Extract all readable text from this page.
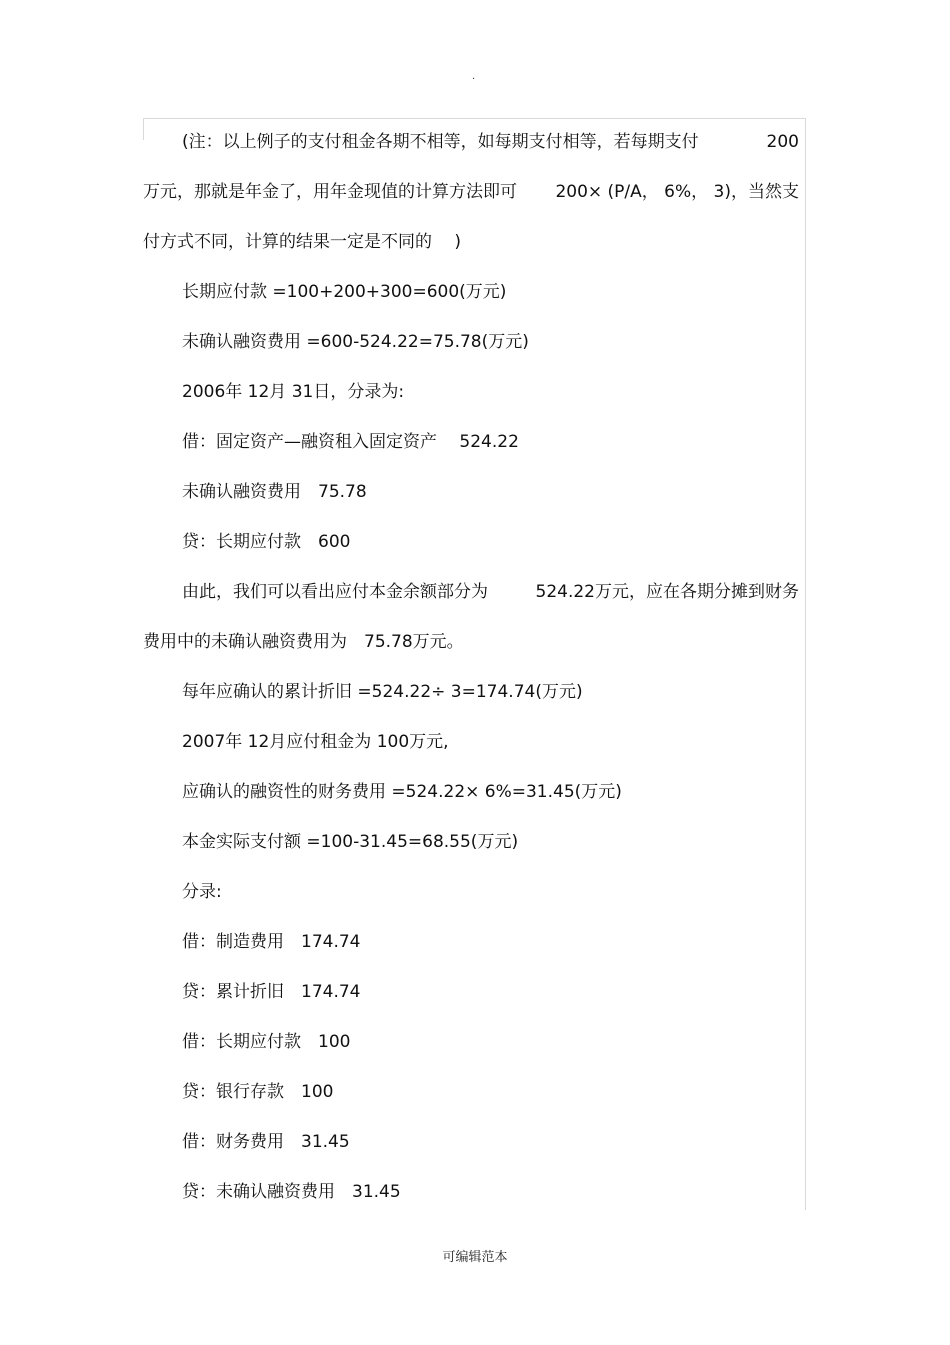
.
(注：以上例子的支付租金各期不相等，如每期支付相等，若每期支付	200
万元，那就是年金了，用年金现值的计算方法即可 200× (P/A， 6%， 3)，当然支
付方式不同，计算的结果一定是不同的　 )
长期应付款 =100+200+300=600(万元)
未确认融资费用 =600-524.22=75.78(万元)
2006年 12月 31日，分录为:
借：固定资产—融资租入固定资产　 524.22
未确认融资费用　75.78
贷：长期应付款　600
由此，我们可以看出应付本金余额部分为	524.22万元，应在各期分摊到财务
费用中的未确认融资费用为　75.78万元。
每年应确认的累计折旧 =524.22÷ 3=174.74(万元)
2007年 12月应付租金为 100万元,
应确认的融资性的财务费用 =524.22× 6%=31.45(万元)
本金实际支付额 =100-31.45=68.55(万元)
分录:
借：制造费用　174.74
贷：累计折旧　174.74
借：长期应付款　100
贷：银行存款　100
借：财务费用　31.45
贷：未确认融资费用　31.45
可编辑范本
